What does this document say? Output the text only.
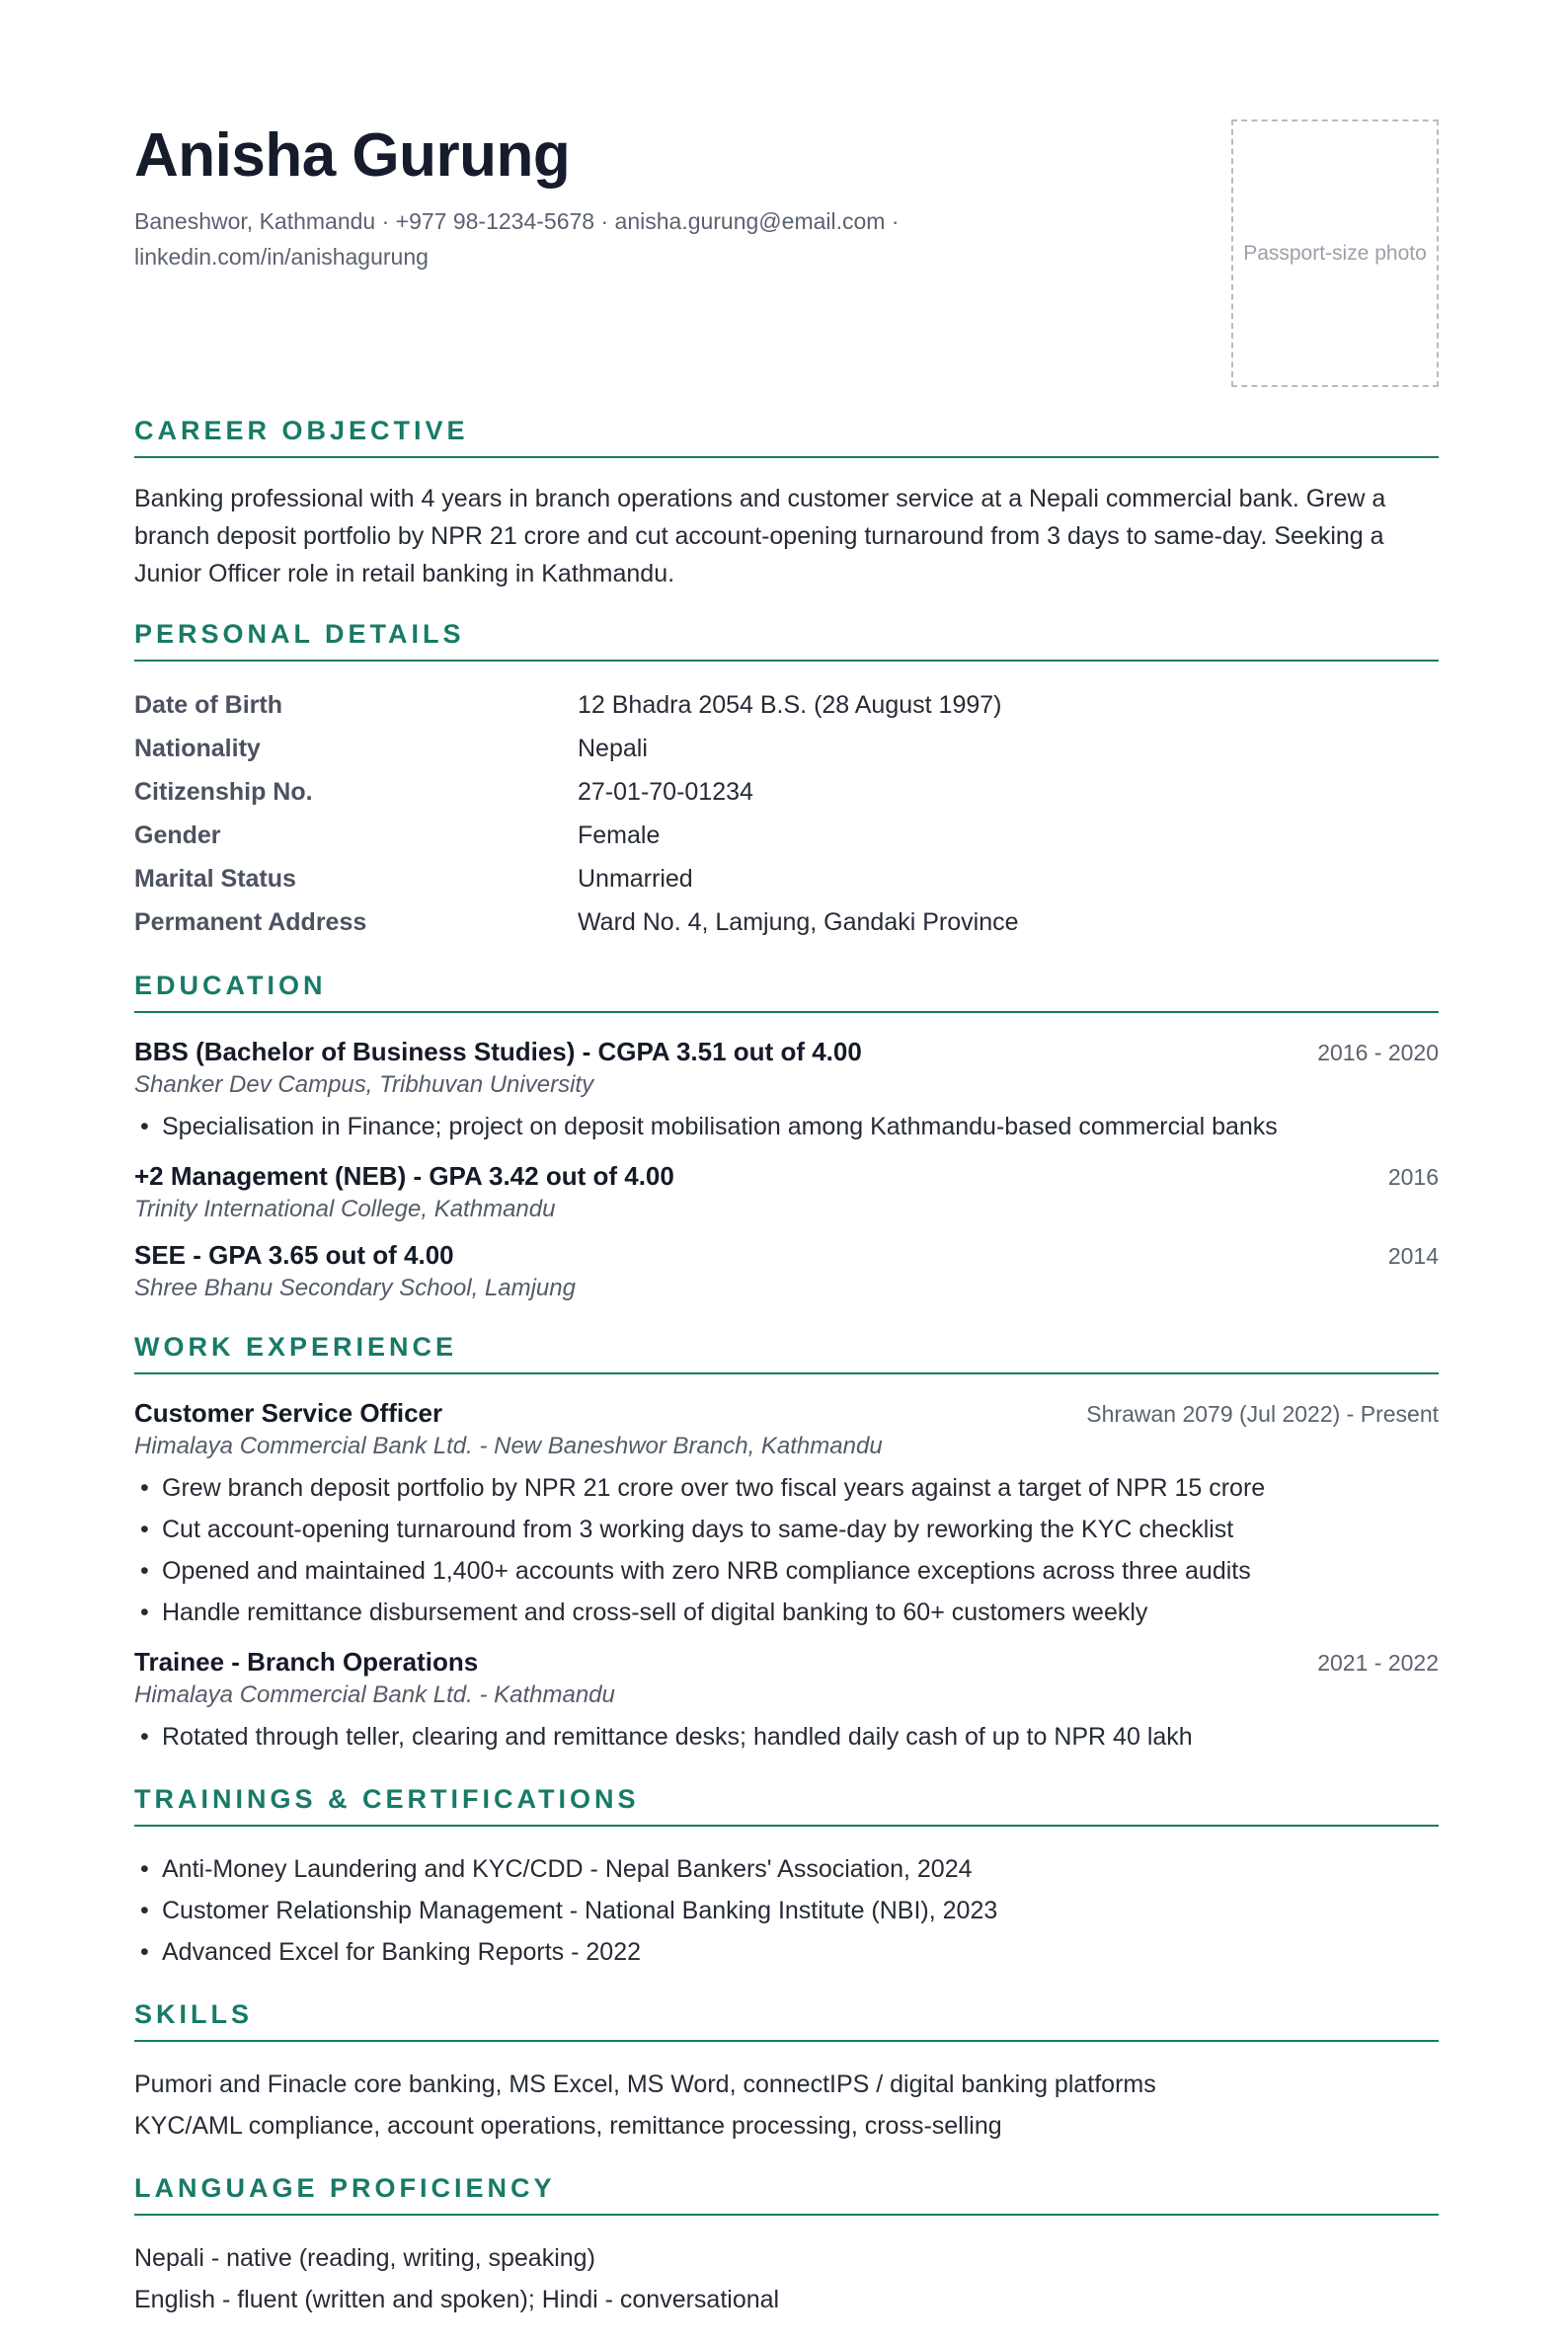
Anisha Gurung
Baneshwor, Kathmandu · +977 98-1234-5678 · anisha.gurung@email.com ·
linkedin.com/in/anishagurung	Passport-size photo
CAREER OBJECTIVE

Banking professional with 4 years in branch operations and customer service at a Nepali commercial bank. Grew a branch deposit portfolio by NPR 21 crore and cut account-opening turnaround from 3 days to same-day. Seeking a Junior Officer role in retail banking in Kathmandu.

PERSONAL DETAILS
Date of Birth	12 Bhadra 2054 B.S. (28 August 1997)
Nationality	Nepali
Citizenship No.	27-01-70-01234
Gender	Female
Marital Status	Unmarried
Permanent Address	Ward No. 4, Lamjung, Gandaki Province
EDUCATION
BBS (Bachelor of Business Studies) - CGPA 3.51 out of 4.00	2016 - 2020
Shanker Dev Campus, Tribhuvan University
• Specialisation in Finance; project on deposit mobilisation among Kathmandu-based commercial banks
+2 Management (NEB) - GPA 3.42 out of 4.00	2016
Trinity International College, Kathmandu
SEE - GPA 3.65 out of 4.00	2014
Shree Bhanu Secondary School, Lamjung
WORK EXPERIENCE
Customer Service Officer	Shrawan 2079 (Jul 2022) - Present
Himalaya Commercial Bank Ltd. - New Baneshwor Branch, Kathmandu
• Grew branch deposit portfolio by NPR 21 crore over two fiscal years against a target of NPR 15 crore
• Cut account-opening turnaround from 3 working days to same-day by reworking the KYC checklist
• Opened and maintained 1,400+ accounts with zero NRB compliance exceptions across three audits
• Handle remittance disbursement and cross-sell of digital banking to 60+ customers weekly
Trainee - Branch Operations	2021 - 2022
Himalaya Commercial Bank Ltd. - Kathmandu
• Rotated through teller, clearing and remittance desks; handled daily cash of up to NPR 40 lakh
TRAININGS & CERTIFICATIONS
• Anti-Money Laundering and KYC/CDD - Nepal Bankers' Association, 2024
• Customer Relationship Management - National Banking Institute (NBI), 2023
• Advanced Excel for Banking Reports - 2022
SKILLS
Pumori and Finacle core banking, MS Excel, MS Word, connectIPS / digital banking platforms
KYC/AML compliance, account operations, remittance processing, cross-selling
LANGUAGE PROFICIENCY
Nepali - native (reading, writing, speaking)
English - fluent (written and spoken); Hindi - conversational
